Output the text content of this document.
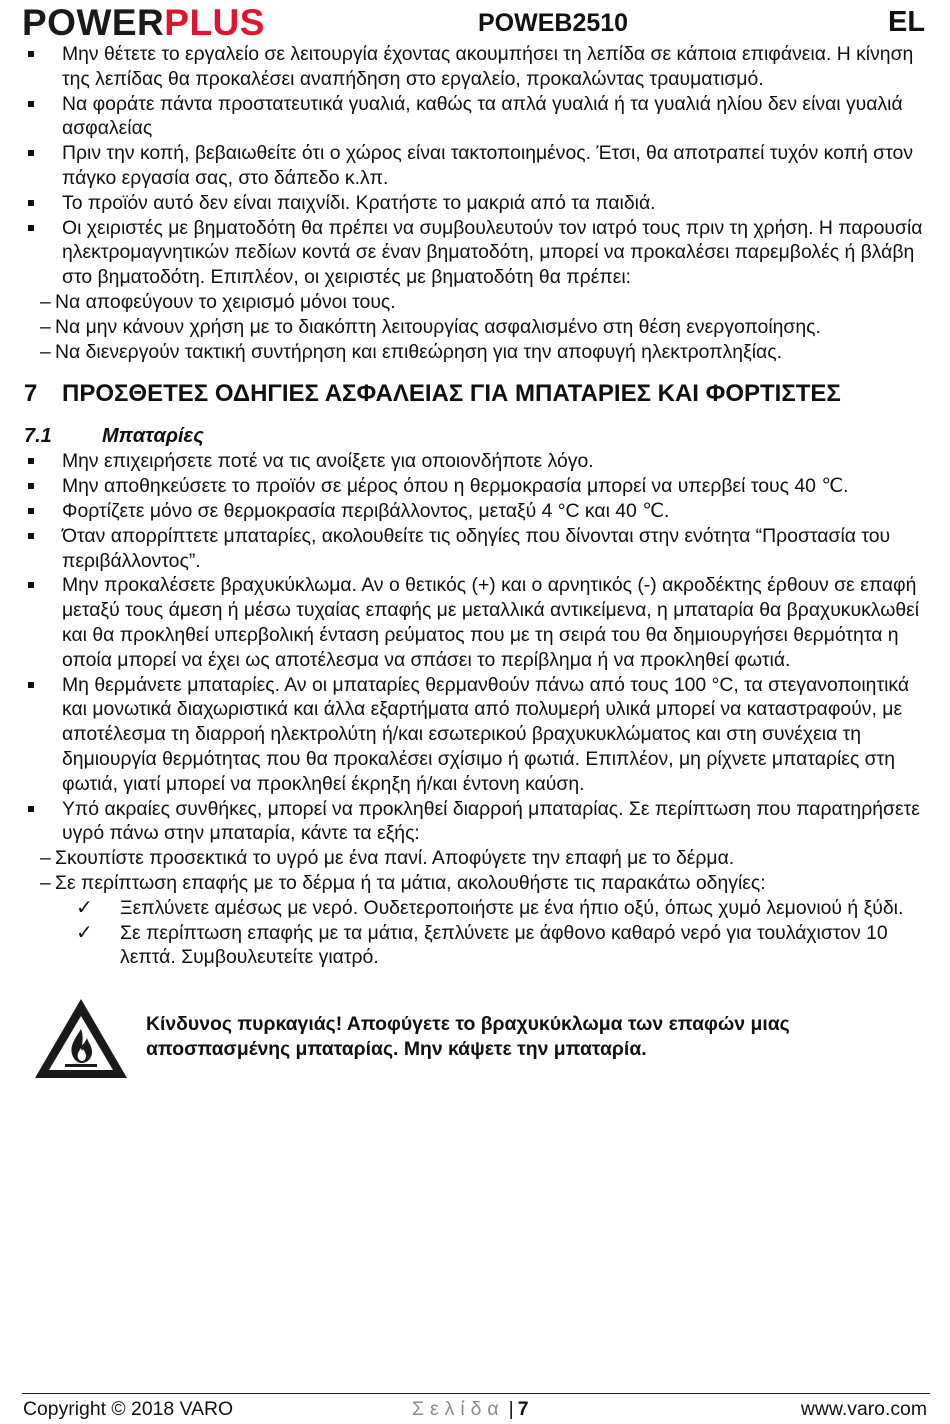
POWERPLUS	POWEB2510	EL
Μην θέτετε το εργαλείο σε λειτουργία έχοντας ακουμπήσει τη λεπίδα σε κάποια επιφάνεια. Η κίνηση της λεπίδας θα προκαλέσει αναπήδηση στο εργαλείο, προκαλώντας τραυματισμό.
Να φοράτε πάντα προστατευτικά γυαλιά, καθώς τα απλά γυαλιά ή τα γυαλιά ηλίου δεν είναι γυαλιά ασφαλείας
Πριν την κοπή, βεβαιωθείτε ότι ο χώρος είναι τακτοποιημένος. Έτσι, θα αποτραπεί τυχόν κοπή στον πάγκο εργασία σας, στο δάπεδο κ.λπ.
Το προϊόν αυτό δεν είναι παιχνίδι. Κρατήστε το μακριά από τα παιδιά.
Οι χειριστές με βηματοδότη θα πρέπει να συμβουλευτούν τον ιατρό τους πριν τη χρήση. Η παρουσία ηλεκτρομαγνητικών πεδίων κοντά σε έναν βηματοδότη, μπορεί να προκαλέσει παρεμβολές ή βλάβη στο βηματοδότη. Επιπλέον, οι χειριστές με βηματοδότη θα πρέπει:
– Να αποφεύγουν το χειρισμό μόνοι τους.
– Να μην κάνουν χρήση με το διακόπτη λειτουργίας ασφαλισμένο στη θέση ενεργοποίησης.
– Να διενεργούν τακτική συντήρηση και επιθεώρηση για την αποφυγή ηλεκτροπληξίας.
7 ΠΡΟΣΘΕΤΕΣ ΟΔΗΓΙΕΣ ΑΣΦΑΛΕΙΑΣ ΓΙΑ ΜΠΑΤΑΡΙΕΣ ΚΑΙ ΦΟΡΤΙΣΤΕΣ
7.1	Μπαταρίες
Μην επιχειρήσετε ποτέ να τις ανοίξετε για οποιονδήποτε λόγο.
Μην αποθηκεύσετε το προϊόν σε μέρος όπου η θερμοκρασία μπορεί να υπερβεί τους 40 ℃.
Φορτίζετε μόνο σε θερμοκρασία περιβάλλοντος, μεταξύ 4 °C και 40 ℃.
Όταν απορρίπτετε μπαταρίες, ακολουθείτε τις οδηγίες που δίνονται στην ενότητα “Προστασία του περιβάλλοντος”.
Μην προκαλέσετε βραχυκύκλωμα. Αν ο θετικός (+) και ο αρνητικός (-) ακροδέκτης έρθουν σε επαφή μεταξύ τους άμεση ή μέσω τυχαίας επαφής με μεταλλικά αντικείμενα, η μπαταρία θα βραχυκυκλωθεί και θα προκληθεί υπερβολική ένταση ρεύματος που με τη σειρά του θα δημιουργήσει θερμότητα η οποία μπορεί να έχει ως αποτέλεσμα να σπάσει το περίβλημα ή να προκληθεί φωτιά.
Μη θερμάνετε μπαταρίες. Αν οι μπαταρίες θερμανθούν πάνω από τους 100 °C, τα στεγανοποιητικά και μονωτικά διαχωριστικά και άλλα εξαρτήματα από πολυμερή υλικά μπορεί να καταστραφούν, με αποτέλεσμα τη διαρροή ηλεκτρολύτη ή/και εσωτερικού βραχυκυκλώματος και στη συνέχεια τη δημιουργία θερμότητας που θα προκαλέσει σχίσιμο ή φωτιά. Επιπλέον, μη ρίχνετε μπαταρίες στη φωτιά, γιατί μπορεί να προκληθεί έκρηξη ή/και έντονη καύση.
Υπό ακραίες συνθήκες, μπορεί να προκληθεί διαρροή μπαταρίας. Σε περίπτωση που παρατηρήσετε υγρό πάνω στην μπαταρία, κάντε τα εξής:
– Σκουπίστε προσεκτικά το υγρό με ένα πανί. Αποφύγετε την επαφή με το δέρμα.
– Σε περίπτωση επαφής με το δέρμα ή τα μάτια, ακολουθήστε τις παρακάτω οδηγίες:
✓ Ξεπλύνετε αμέσως με νερό. Ουδετεροποιήστε με ένα ήπιο οξύ, όπως χυμό λεμονιού ή ξύδι.
✓ Σε περίπτωση επαφής με τα μάτια, ξεπλύνετε με άφθονο καθαρό νερό για τουλάχιστον 10 λεπτά. Συμβουλευτείτε γιατρό.
Κίνδυνος πυρκαγιάς! Αποφύγετε το βραχυκύκλωμα των επαφών μιας αποσπασμένης μπαταρίας. Μην κάψετε την μπαταρία.
Copyright © 2018 VARO	Σελίδα | 7	www.varo.com
